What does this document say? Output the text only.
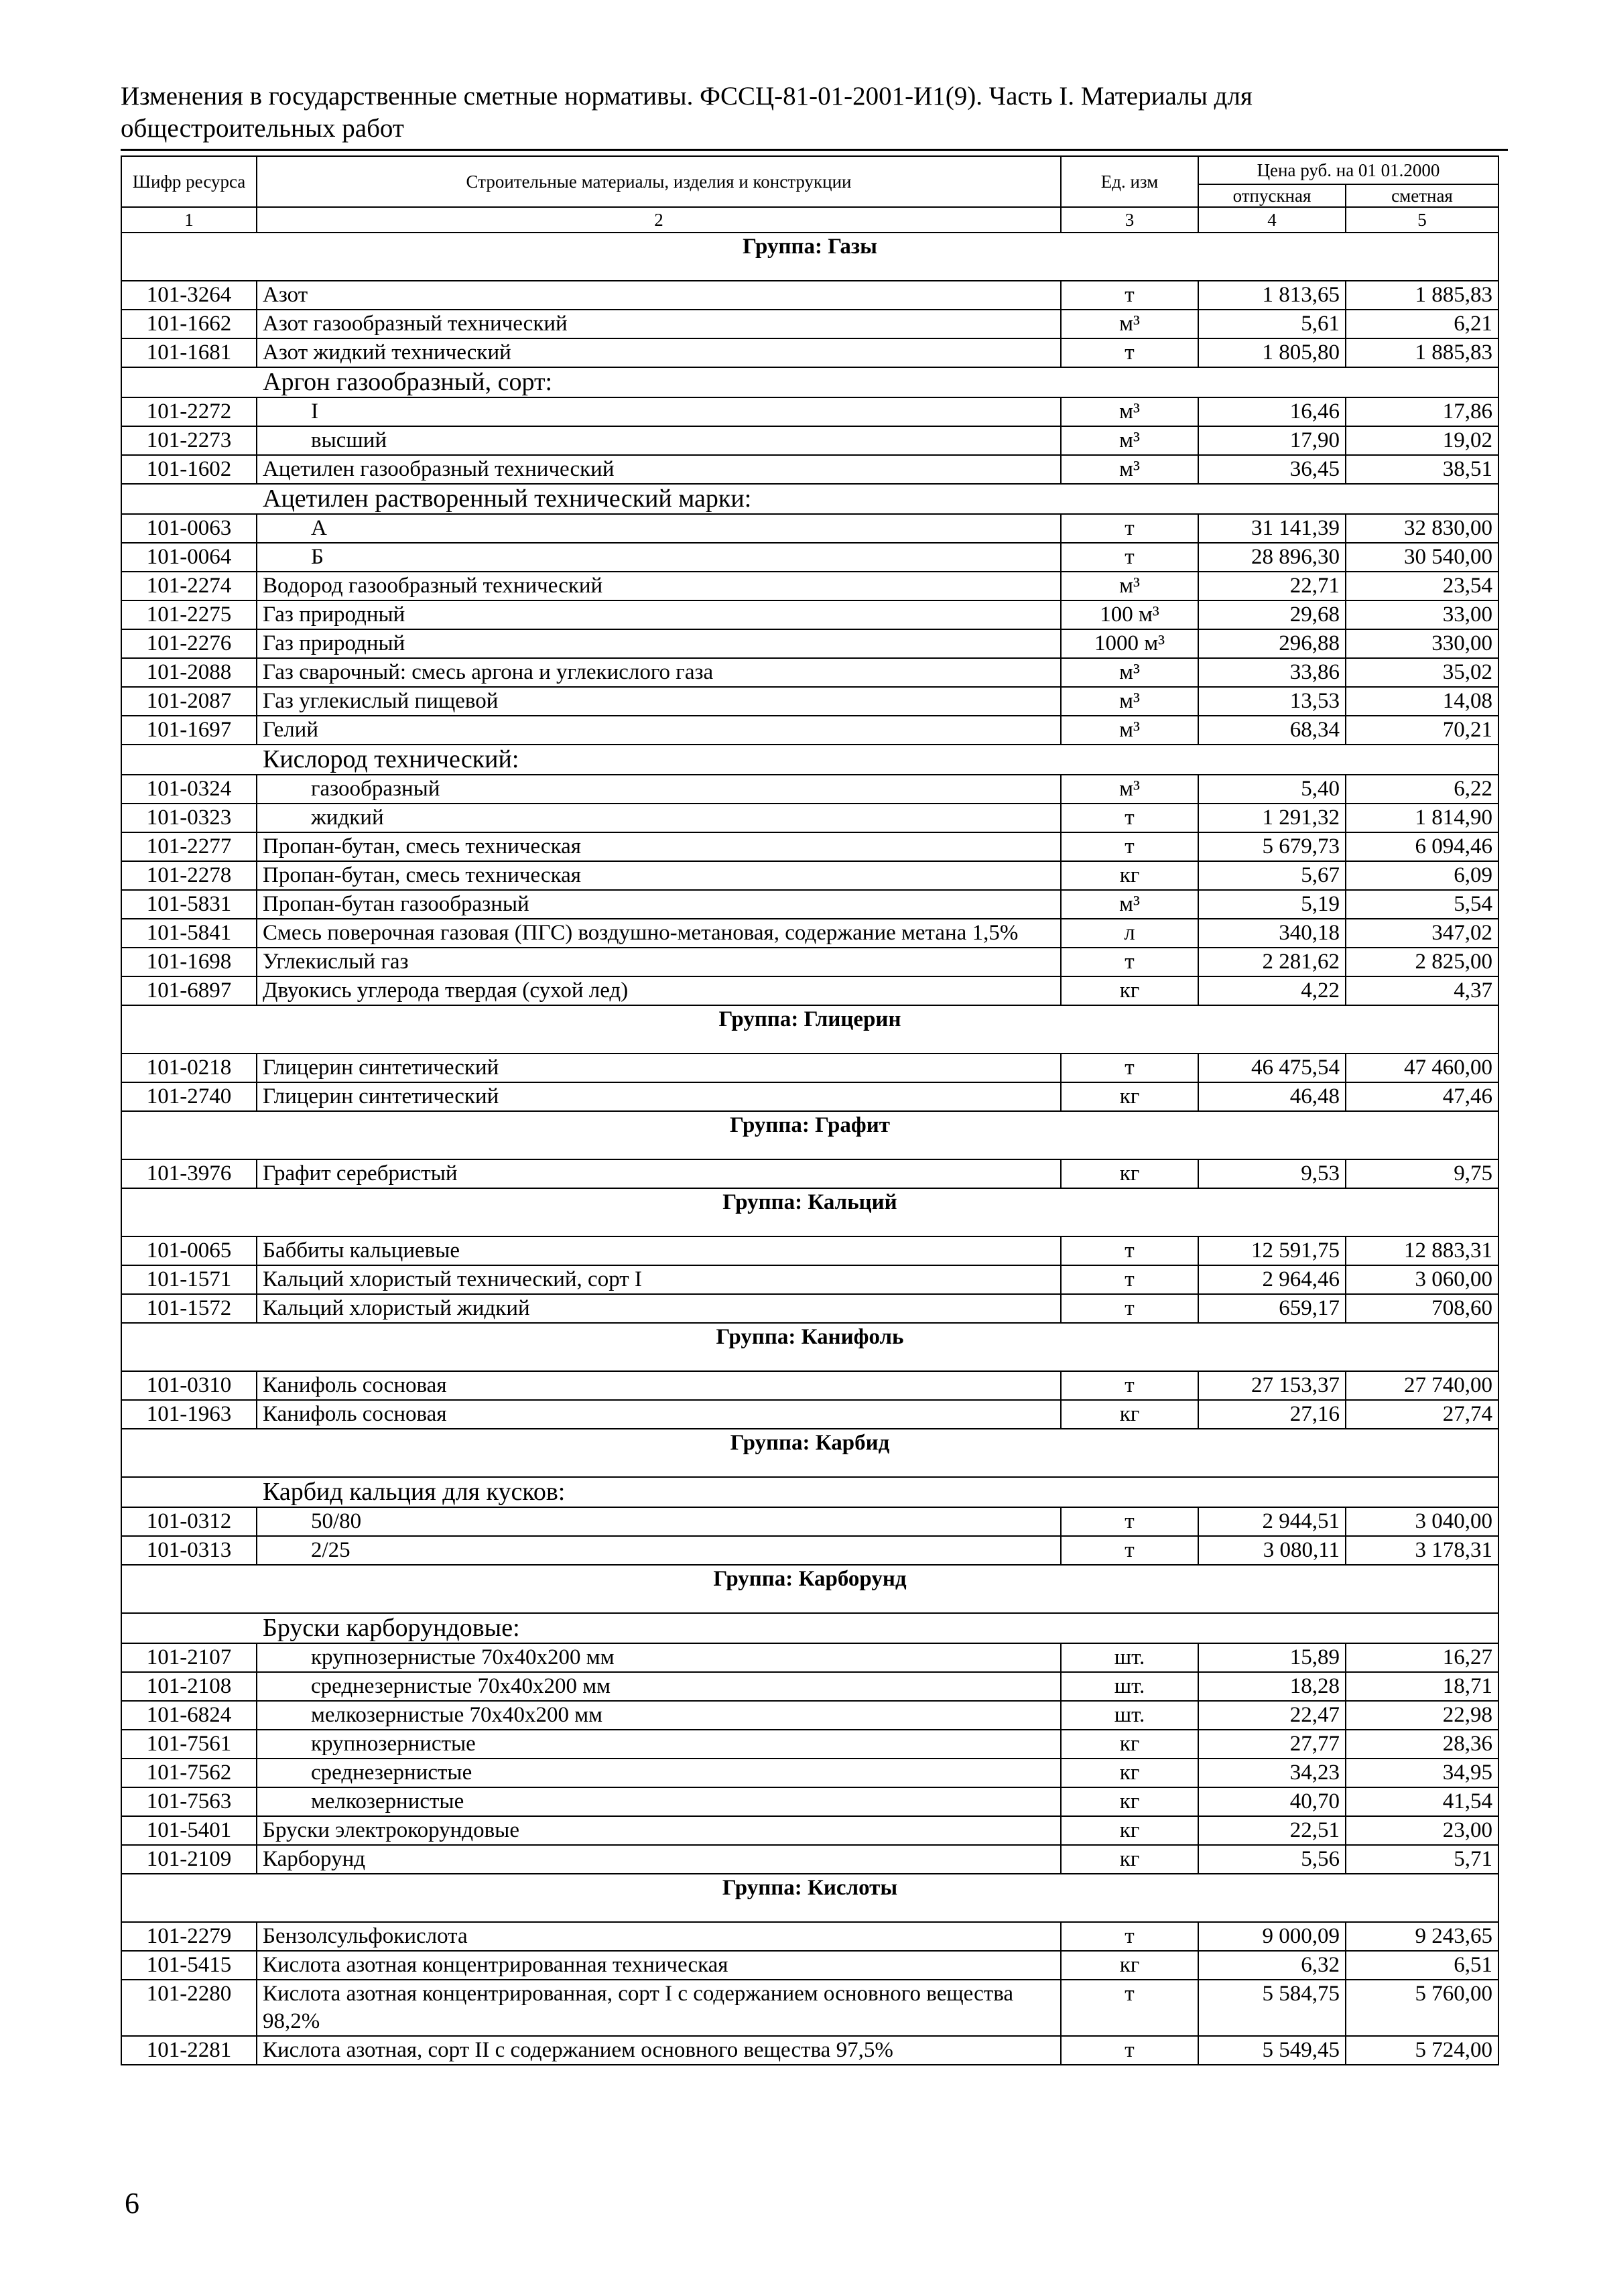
Изменения в государственные сметные нормативы. ФССЦ-81-01-2001-И1(9). Часть I. Материалы для
общестроительных работ
Шифр ресурса	Строительные материалы, изделия и конструкции	Ед. изм	Цена руб. на 01 01.2000	
			отпускная	сметная
1	2	3	4	5
Группа: Газы				
101-3264	Азот	т	1 813,65	1 885,83
101-1662	Азот газообразный технический	м³	5,61	6,21
101-1681	Азот жидкий технический	т	1 805,80	1 885,83
	Аргон газообразный, сорт:			
101-2272	I	м³	16,46	17,86
101-2273	высший	м³	17,90	19,02
101-1602	Ацетилен газообразный технический	м³	36,45	38,51
	Ацетилен растворенный технический марки:			
101-0063	А	т	31 141,39	32 830,00
101-0064	Б	т	28 896,30	30 540,00
101-2274	Водород газообразный технический	м³	22,71	23,54
101-2275	Газ природный	100 м³	29,68	33,00
101-2276	Газ природный	1000 м³	296,88	330,00
101-2088	Газ сварочный: смесь аргона и углекислого газа	м³	33,86	35,02
101-2087	Газ углекислый пищевой	м³	13,53	14,08
101-1697	Гелий	м³	68,34	70,21
	Кислород технический:			
101-0324	газообразный	м³	5,40	6,22
101-0323	жидкий	т	1 291,32	1 814,90
101-2277	Пропан-бутан, смесь техническая	т	5 679,73	6 094,46
101-2278	Пропан-бутан, смесь техническая	кг	5,67	6,09
101-5831	Пропан-бутан газообразный	м³	5,19	5,54
101-5841	Смесь поверочная газовая (ПГС) воздушно-метановая, содержание метана 1,5%	л	340,18	347,02
101-1698	Углекислый газ	т	2 281,62	2 825,00
101-6897	Двуокись углерода твердая (сухой лед)	кг	4,22	4,37
Группа: Глицерин				
101-0218	Глицерин синтетический	т	46 475,54	47 460,00
101-2740	Глицерин синтетический	кг	46,48	47,46
Группа: Графит				
101-3976	Графит серебристый	кг	9,53	9,75
Группа: Кальций				
101-0065	Баббиты кальциевые	т	12 591,75	12 883,31
101-1571	Кальций хлористый технический, сорт I	т	2 964,46	3 060,00
101-1572	Кальций хлористый жидкий	т	659,17	708,60
Группа: Канифоль				
101-0310	Канифоль сосновая	т	27 153,37	27 740,00
101-1963	Канифоль сосновая	кг	27,16	27,74
Группа: Карбид				
	Карбид кальция для кусков:			
101-0312	50/80	т	2 944,51	3 040,00
101-0313	2/25	т	3 080,11	3 178,31
Группа: Карборунд				
	Бруски карборундовые:			
101-2107	крупнозернистые 70х40х200 мм	шт.	15,89	16,27
101-2108	среднезернистые 70х40х200 мм	шт.	18,28	18,71
101-6824	мелкозернистые 70х40х200 мм	шт.	22,47	22,98
101-7561	крупнозернистые	кг	27,77	28,36
101-7562	среднезернистые	кг	34,23	34,95
101-7563	мелкозернистые	кг	40,70	41,54
101-5401	Бруски электрокорундовые	кг	22,51	23,00
101-2109	Карборунд	кг	5,56	5,71
Группа: Кислоты				
101-2279	Бензолсульфокислота	т	9 000,09	9 243,65
101-5415	Кислота азотная концентрированная техническая	кг	6,32	6,51
101-2280	Кислота азотная концентрированная, сорт I с содержанием основного вещества 98,2%	т	5 584,75	5 760,00
101-2281	Кислота азотная, сорт II с содержанием основного вещества 97,5%	т	5 549,45	5 724,00
6
